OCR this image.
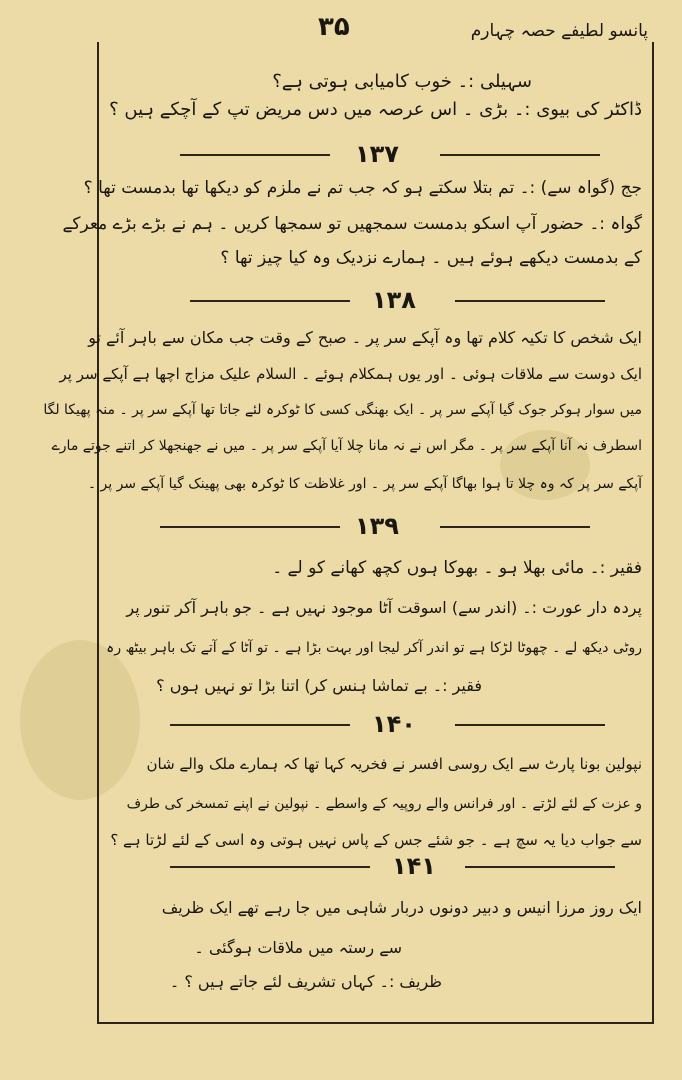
۳۵	پانسو لطیفے حصہ چہارم
سہیلی :۔ خوب کامیابی ہوتی ہے؟
ڈاکٹر کی بیوی :۔ بڑی ۔ اس عرصہ میں دس مریض تپ کے آچکے ہیں ؟
۱۳۷
جج (گواہ سے) :۔ تم بتلا سکتے ہو کہ جب تم نے ملزم کو دیکھا تھا بدمست تھا ؟
گواہ :۔ حضور آپ اسکو بدمست سمجھیں تو سمجھا کریں ۔ ہم نے بڑے بڑے معرکے
کے بدمست دیکھے ہوئے ہیں ۔ ہمارے نزدیک وہ کیا چیز تھا ؟
۱۳۸
ایک شخص کا تکیہ کلام تھا وہ آپکے سر پر ۔ صبح کے وقت جب مکان سے باہر آئے تو
ایک دوست سے ملاقات ہوئی ۔ اور یوں ہمکلام ہوئے ۔ السلام علیک مزاج اچھا ہے آپکے سر پر
میں سوار ہوکر جوک گیا آپکے سر پر ۔ ایک بھنگی کسی کا ٹوکرہ لئے جاتا تھا آپکے سر پر ۔ منہ پھیکا لگا
اسطرف نہ آنا آپکے سر پر ۔ مگر اس نے نہ مانا چلا آیا آپکے سر پر ۔ میں نے جھنجھلا کر اتنے جوتے مارے
آپکے سر پر کہ وہ چلا تا ہوا بھاگا آپکے سر پر ۔ اور غلاظت کا ٹوکرہ بھی پھینک گیا آپکے سر پر ۔
۱۳۹
فقیر :۔ مائی بھلا ہو ۔ بھوکا ہوں کچھ کھانے کو لے ۔
پردہ دار عورت :۔ (اندر سے) اسوقت آٹا موجود نہیں ہے ۔ جو باہر آکر تنور پر
روٹی دیکھ لے ۔ چھوٹا لڑکا ہے تو اندر آکر لیجا اور بہت بڑا ہے ۔ تو آٹا کے آتے تک باہر بیٹھ رہ
فقیر :۔ بے تماشا ہنس کر) اتنا بڑا تو نہیں ہوں ؟
۱۴۰
نپولین بونا پارٹ سے ایک روسی افسر نے فخریہ کہا تھا کہ ہمارے ملک والے شان
و عزت کے لئے لڑتے ۔ اور فرانس والے روپیہ کے واسطے ۔ نپولین نے اپنے تمسخر کی طرف
سے جواب دیا یہ سچ ہے ۔ جو شئے جس کے پاس نہیں ہوتی وہ اسی کے لئے لڑتا ہے ؟
۱۴۱
ایک روز مرزا انیس و دبیر دونوں دربار شاہی میں جا رہے تھے ایک ظریف
سے رستہ میں ملاقات ہوگئی ۔
ظریف :۔ کہاں تشریف لئے جاتے ہیں ؟ ۔
